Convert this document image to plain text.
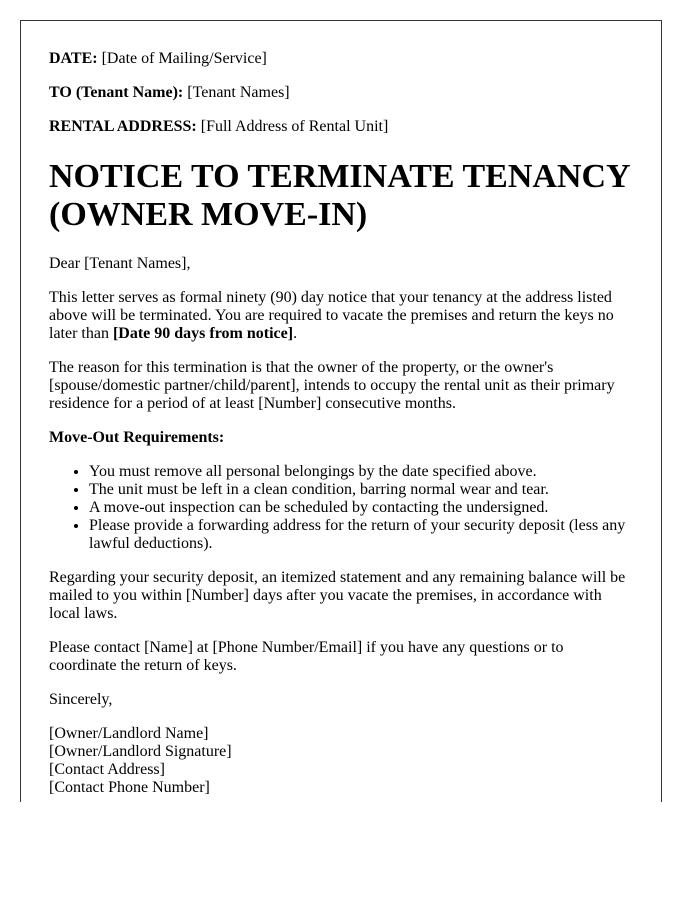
DATE: [Date of Mailing/Service]

TO (Tenant Name): [Tenant Names]

RENTAL ADDRESS: [Full Address of Rental Unit]

NOTICE TO TERMINATE TENANCY (OWNER MOVE-IN)

Dear [Tenant Names],

This letter serves as formal ninety (90) day notice that your tenancy at the address listed above will be terminated. You are required to vacate the premises and return the keys no later than [Date 90 days from notice].

The reason for this termination is that the owner of the property, or the owner's [spouse/domestic partner/child/parent], intends to occupy the rental unit as their primary residence for a period of at least [Number] consecutive months.

Move-Out Requirements:

• You must remove all personal belongings by the date specified above.
• The unit must be left in a clean condition, barring normal wear and tear.
• A move-out inspection can be scheduled by contacting the undersigned.
• Please provide a forwarding address for the return of your security deposit (less any lawful deductions).

Regarding your security deposit, an itemized statement and any remaining balance will be mailed to you within [Number] days after you vacate the premises, in accordance with local laws.

Please contact [Name] at [Phone Number/Email] if you have any questions or to coordinate the return of keys.

Sincerely,

[Owner/Landlord Name]
[Owner/Landlord Signature]
[Contact Address]
[Contact Phone Number]
